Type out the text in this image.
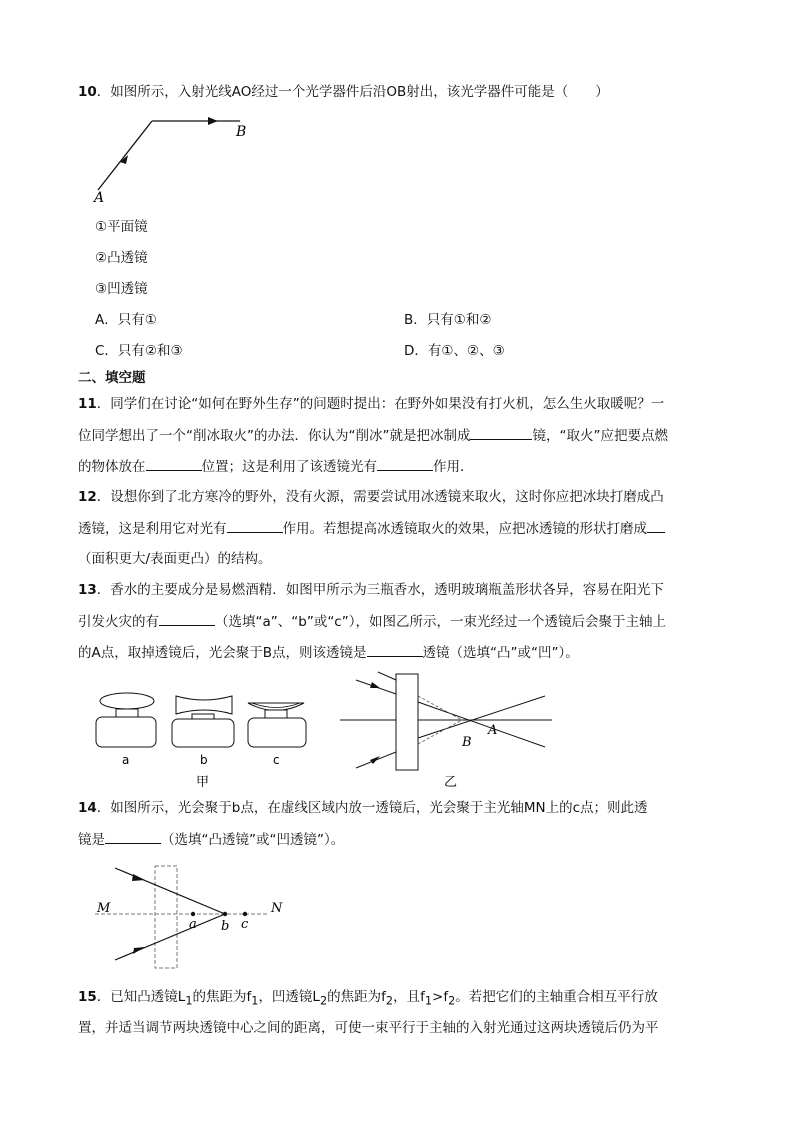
10．如图所示，入射光线AO经过一个光学器件后沿OB射出，该光学器件可能是（　　）
A
B
①平面镜
②凸透镜
③凹透镜
A．只有①	B．只有①和②
C．只有②和③	D．有①、②、③
二、填空题
11．同学们在讨论“如何在野外生存”的问题时提出：在野外如果没有打火机，怎么生火取暖呢？一
位同学想出了一个“削冰取火”的办法．你认为“削冰”就是把冰制成	镜，“取火”应把要点燃
的物体放在	位置；这是利用了该透镜光有	作用．
12．设想你到了北方寒冷的野外，没有火源，需要尝试用冰透镜来取火，这时你应把冰块打磨成凸
透镜，这是利用它对光有	作用。若想提高冰透镜取火的效果，应把冰透镜的形状打磨成
（面积更大/表面更凸）的结构。
13．香水的主要成分是易燃酒精．如图甲所示为三瓶香水，透明玻璃瓶盖形状各异，容易在阳光下
引发火灾的有	（选填“a”、“b”或“c”），如图乙所示，一束光经过一个透镜后会聚于主轴上
的A点，取掉透镜后，光会聚于B点，则该透镜是	透镜（选填“凸”或“凹”）。
a	b	c
甲
A
B
乙
14．如图所示，光会聚于b点，在虚线区域内放一透镜后，光会聚于主光轴MN上的c点；则此透
镜是	（选填“凸透镜”或“凹透镜”）。
M	N
a b c
15．已知凸透镜$L_1$的焦距为$f_1$，凹透镜$L_2$的焦距为$f_2$，且$f_1>f_2$。若把它们的主轴重合相互平行放
置，并适当调节两块透镜中心之间的距离，可使一束平行于主轴的入射光通过这两块透镜后仍为平
